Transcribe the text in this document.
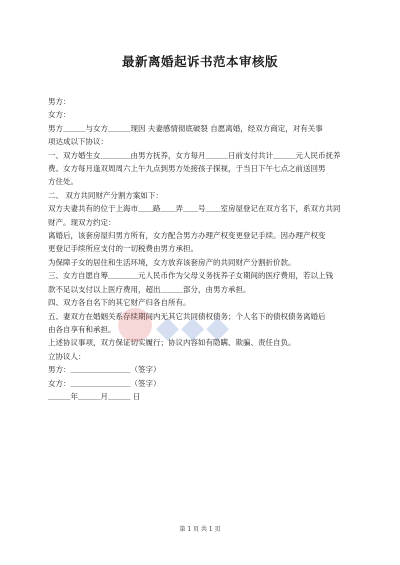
最新离婚起诉书范本审核版
男方：
女方：
男方＿＿＿与女方＿＿＿现因 夫妻感情彻底破裂 自愿离婚，经双方商定，对有关事
项达成以下协议：
一、双方婚生女＿＿＿＿由男方抚养，女方每月＿＿＿日前支付共计＿＿＿元人民币抚养
费。女方每月逢双周周六上午九点到男方处接孩子探视，于当日下午七点之前送回男
方住处。
二、 双方共同财产分割方案如下：
双方夫妻共有的位于上海市＿＿路＿＿弄＿＿号＿＿室房屋登记在双方名下，系双方共同
财产。现双方约定：
离婚后，该套房屋归男方所有，女方配合男方办理产权变更登记手续。因办理产权变
更登记手续所应支付的一切税费由男方承担。
为保障子女的居住和生活环境，女方放弃该套房产的共同财产分割折价款。
三、女方自愿自筹＿＿＿＿元人民币作为父母义务抚养子女期间的医疗费用，若以上钱
款不足以支付以上医疗费用，超出＿＿＿部分，由男方承担。
四、双方各自名下的其它财产归各自所有。
五、妻双方在婚姻关系存续期间内无其它共同债权债务；个人名下的债权债务离婚后
由各自享有和承担。
上述协议事项，双方保证切实履行；协议内容如有隐瞒、欺骗、责任自负。
立协议人：
男方：＿＿＿＿＿＿＿＿（签字）
女方：＿＿＿＿＿＿＿＿（签字）
＿＿＿年＿＿＿月＿＿＿ 日
◆◆◆
第 1 页 共 1 页
